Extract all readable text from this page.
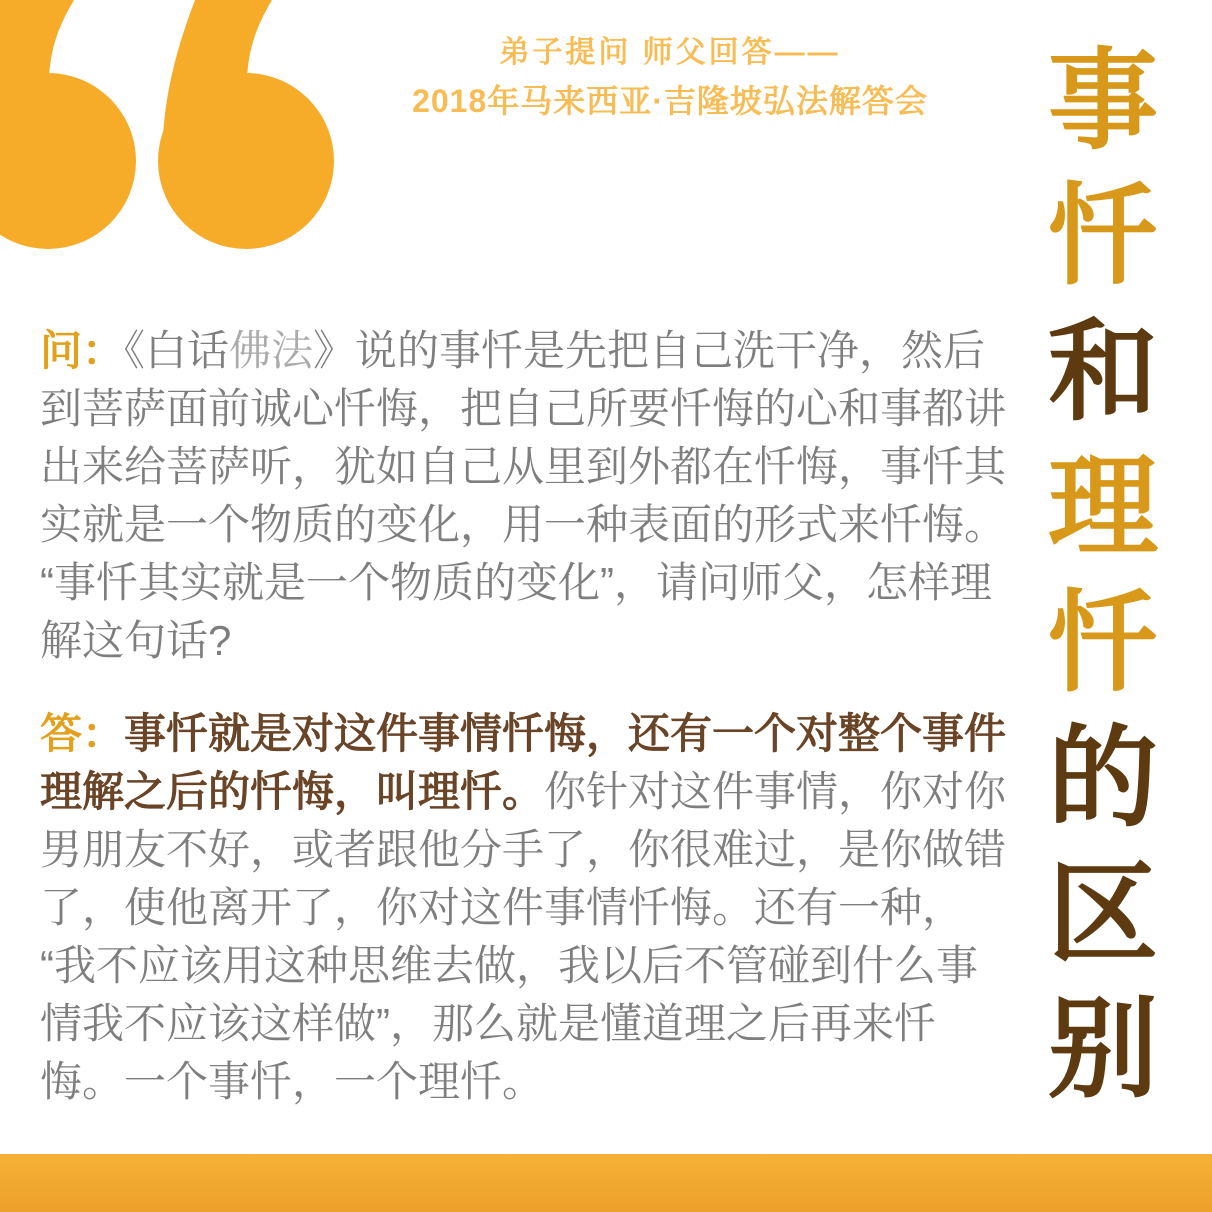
弟子提问 师父回答——
2018年马来西亚·吉隆坡弘法解答会
问：《白话佛法》说的事忏是先把自己洗干净，然后到菩萨面前诚心忏悔，把自己所要忏悔的心和事都讲出来给菩萨听，犹如自己从里到外都在忏悔，事忏其实就是一个物质的变化，用一种表面的形式来忏悔。“事忏其实就是一个物质的变化”，请问师父，怎样理解这句话?
答：事忏就是对这件事情忏悔，还有一个对整个事件理解之后的忏悔，叫理忏。你针对这件事情，你对你男朋友不好，或者跟他分手了，你很难过，是你做错了，使他离开了，你对这件事情忏悔。还有一种，“我不应该用这种思维去做，我以后不管碰到什么事情我不应该这样做”，那么就是懂道理之后再来忏悔。一个事忏，一个理忏。
事
忏
和
理
忏
的
区
别
